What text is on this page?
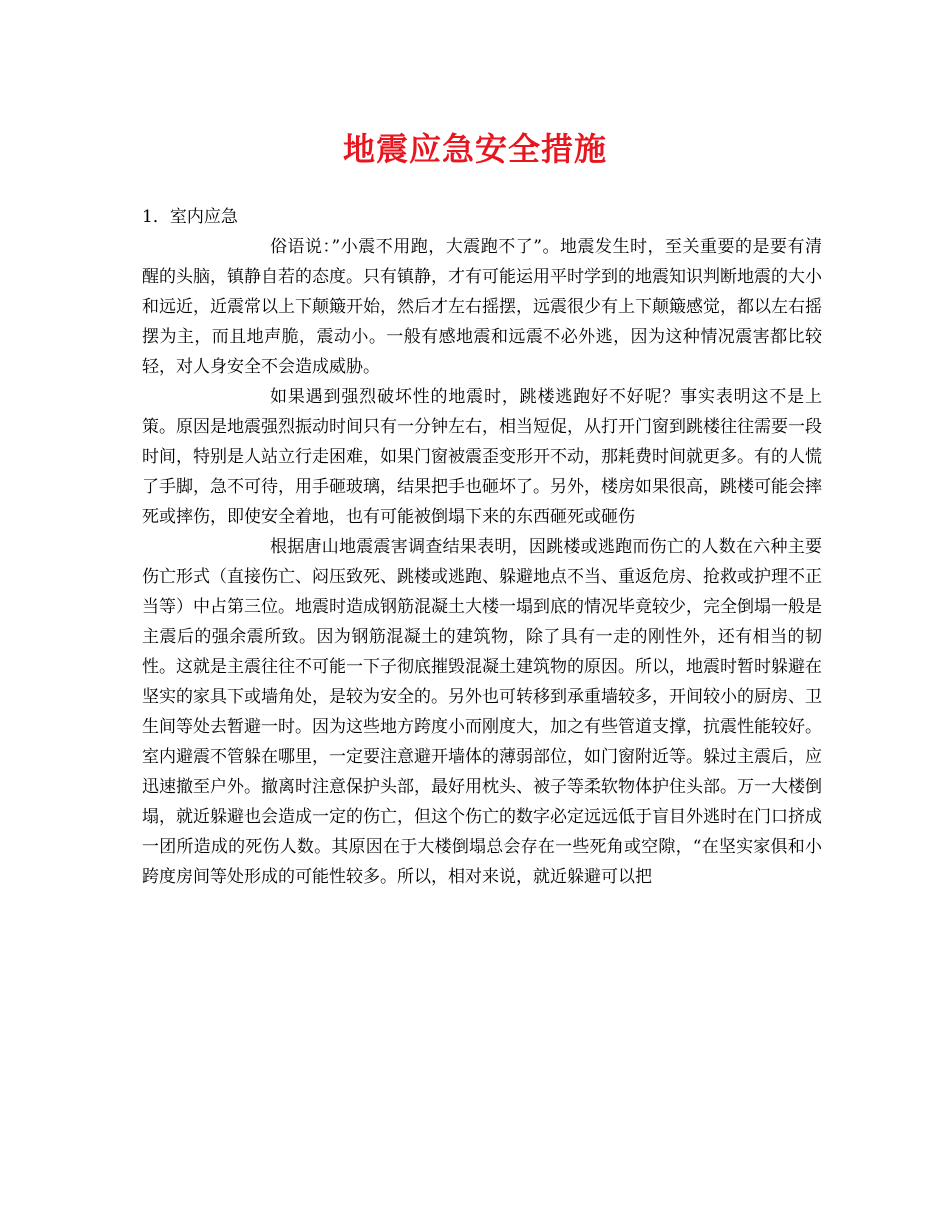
地震应急安全措施

1．室内应急

俗语说：”小震不用跑，大震跑不了”。地震发生时，至关重要的是要有清醒的头脑，镇静自若的态度。只有镇静，才有可能运用平时学到的地震知识判断地震的大小和远近，近震常以上下颠簸开始，然后才左右摇摆，远震很少有上下颠簸感觉，都以左右摇摆为主，而且地声脆，震动小。一般有感地震和远震不必外逃，因为这种情况震害都比较轻，对人身安全不会造成威胁。

如果遇到强烈破坏性的地震时，跳楼逃跑好不好呢？事实表明这不是上策。原因是地震强烈振动时间只有一分钟左右，相当短促，从打开门窗到跳楼往往需要一段时间，特别是人站立行走困难，如果门窗被震歪变形开不动，那耗费时间就更多。有的人慌了手脚，急不可待，用手砸玻璃，结果把手也砸坏了。另外，楼房如果很高，跳楼可能会摔死或摔伤，即使安全着地，也有可能被倒塌下来的东西砸死或砸伤

根据唐山地震震害调查结果表明，因跳楼或逃跑而伤亡的人数在六种主要伤亡形式（直接伤亡、闷压致死、跳楼或逃跑、躲避地点不当、重返危房、抢救或护理不正当等）中占第三位。地震时造成钢筋混凝土大楼一塌到底的情况毕竟较少，完全倒塌一般是主震后的强余震所致。因为钢筋混凝土的建筑物，除了具有一走的刚性外，还有相当的韧性。这就是主震往往不可能一下子彻底摧毁混凝土建筑物的原因。所以，地震时暂时躲避在坚实的家具下或墙角处，是较为安全的。另外也可转移到承重墙较多，开间较小的厨房、卫生间等处去暂避一时。因为这些地方跨度小而刚度大，加之有些管道支撑，抗震性能较好。室内避震不管躲在哪里，一定要注意避开墙体的薄弱部位，如门窗附近等。躲过主震后，应迅速撤至户外。撤离时注意保护头部，最好用枕头、被子等柔软物体护住头部。万一大楼倒塌，就近躲避也会造成一定的伤亡，但这个伤亡的数字必定远远低于盲目外逃时在门口挤成一团所造成的死伤人数。其原因在于大楼倒塌总会存在一些死角或空隙，“在坚实家俱和小跨度房间等处形成的可能性较多。所以，相对来说，就近躲避可以把
